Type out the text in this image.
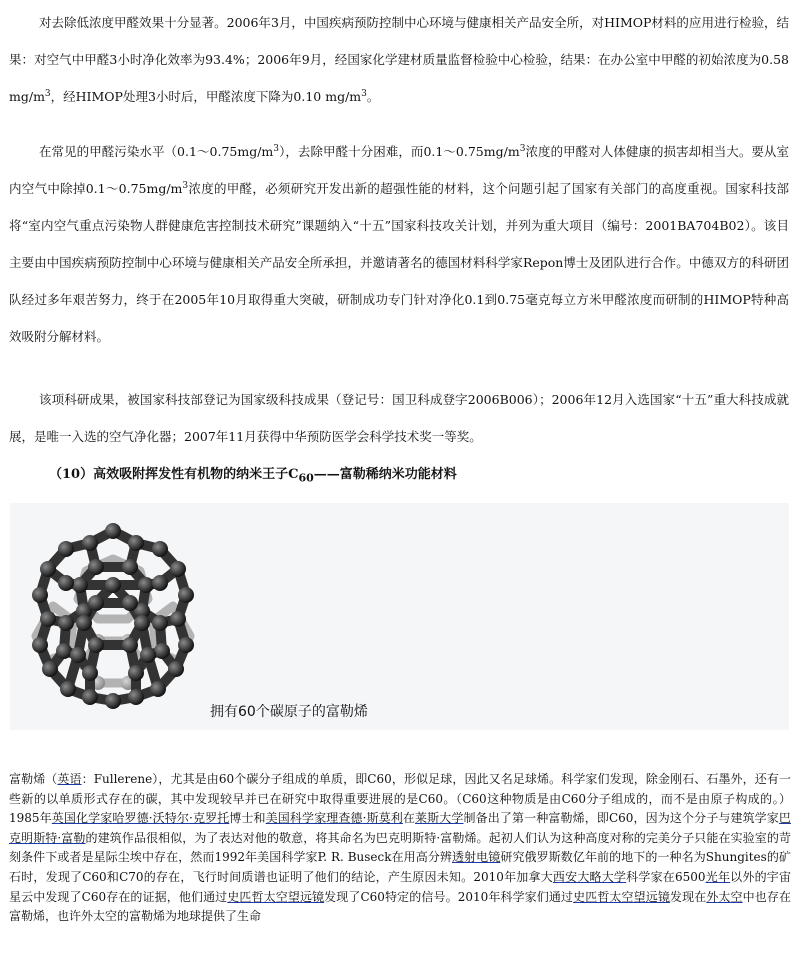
对去除低浓度甲醛效果十分显著。2006年3月，中国疾病预防控制中心环境与健康相关产品安全所，对HIMOP材料的应用进行检验，结果：对空气中甲醛3小时净化效率为93.4%；2006年9月，经国家化学建材质量监督检验中心检验，结果：在办公室中甲醛的初始浓度为0.58 $mg/m^3$，经HIMOP处理3小时后，甲醛浓度下降为0.10 $mg/m^3$。

在常见的甲醛污染水平$(0.1\sim 0.75mg/m^3)$，去除甲醛十分困难，而$0.1\sim 0.75mg/m^3$浓度的甲醛对人体健康的损害却相当大。要从室内空气中除掉$0.1\sim 0.75mg/m^3$浓度的甲醛，必须研究开发出新的超强性能的材料，这个问题引起了国家有关部门的高度重视。国家科技部将“室内空气重点污染物人群健康危害控制技术研究”课题纳入“十五”国家科技攻关计划，并列为重大项目（编号：2001BA704B02）。该目主要由中国疾病预防控制中心环境与健康相关产品安全所承担，并邀请著名的德国材料科学家Repon博士及团队进行合作。中德双方的科研团队经过多年艰苦努力，终于在2005年10月取得重大突破，研制成功专门针对净化0.1到0.75毫克每立方米甲醛浓度而研制的HIMOP特种高效吸附分解材料。

该项科研成果，被国家科技部登记为国家级科技成果（登记号：国卫科成登字2006B006）；2006年12月入选国家“十五”重大科技成就展，是唯一入选的空气净化器；2007年11月获得中华预防医学会科学技术奖一等奖。

（10）高效吸附挥发性有机物的纳米王子$C_{60}——$富勒稀纳米功能材料

拥有60个碳原子的富勒烯

富勒烯（英语：Fullerene），尤其是由60个碳分子组成的单质，即C60，形似足球，因此又名足球烯。科学家们发现，除金刚石、石墨外，还有一些新的以单质形式存在的碳，其中发现较早并已在研究中取得重要进展的是C60。（C60这种物质是由C60分子组成的，而不是由原子构成的。）1985年英国化学家哈罗德·沃特尔·克罗托博士和美国科学家理查德·斯莫利在莱斯大学制备出了第一种富勒烯，即C60，因为这个分子与建筑学家巴克明斯特·富勒的建筑作品很相似，为了表达对他的敬意，将其命名为巴克明斯特·富勒烯。起初人们认为这种高度对称的完美分子只能在实验室的苛刻条件下或者是星际尘埃中存在，然而1992年美国科学家P. R. Buseck在用高分辨透射电镜研究俄罗斯数亿年前的地下的一种名为Shungites的矿石时，发现了C60和C70的存在，飞行时间质谱也证明了他们的结论，产生原因未知。2010年加拿大西安大略大学科学家在6500光年以外的宇宙星云中发现了C60存在的证据，他们通过史匹哲太空望远镜发现了C60特定的信号。2010年科学家们通过史匹哲太空望远镜发现在外太空中也存在富勒烯，也许外太空的富勒烯为地球提供了生命
